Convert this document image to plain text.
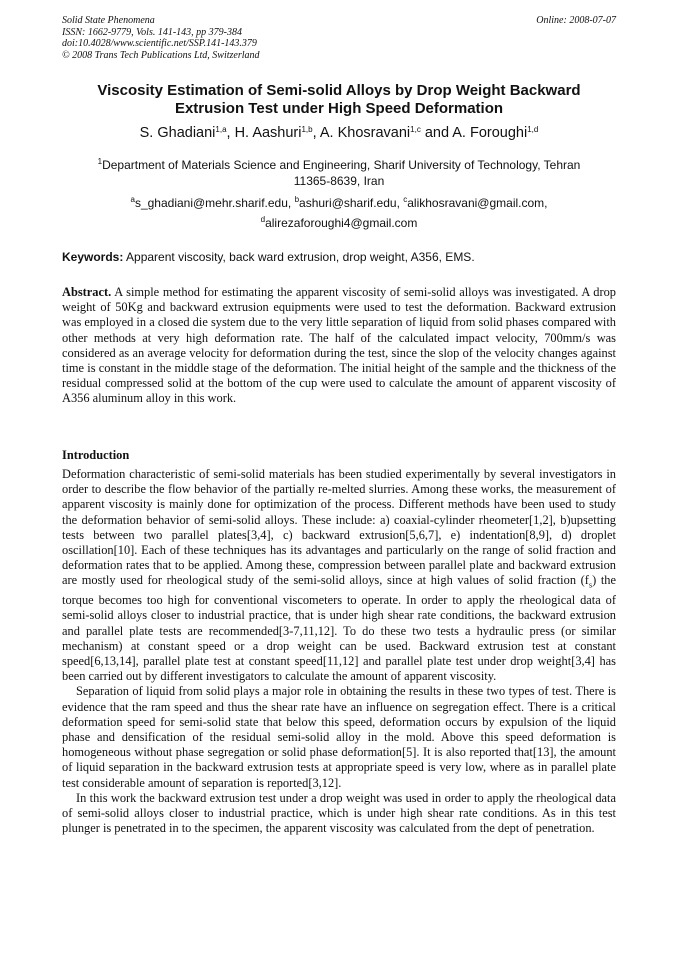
Solid State Phenomena
ISSN: 1662-9779, Vols. 141-143, pp 379-384
doi:10.4028/www.scientific.net/SSP.141-143.379
© 2008 Trans Tech Publications Ltd, Switzerland
Online: 2008-07-07
Viscosity Estimation of Semi-solid Alloys by Drop Weight Backward
Extrusion Test under High Speed Deformation
S. Ghadiani$^{1,a}$, H. Aashuri$^{1,b}$, A. Khosravani$^{1,c}$ and A. Foroughi$^{1,d}$
$^1$Department of Materials Science and Engineering, Sharif University of Technology, Tehran
11365-8639, Iran
$^a$s_ghadiani@mehr.sharif.edu, $^b$ashuri@sharif.edu, $^c$alikhosravani@gmail.com,
$^d$alirezaforoughi4@gmail.com
Keywords: Apparent viscosity, back ward extrusion, drop weight, A356, EMS.
Abstract. A simple method for estimating the apparent viscosity of semi-solid alloys was investigated. A drop weight of 50Kg and backward extrusion equipments were used to test the deformation. Backward extrusion was employed in a closed die system due to the very little separation of liquid from solid phases compared with other methods at very high deformation rate. The half of the calculated impact velocity, 700mm/s was considered as an average velocity for deformation during the test, since the slop of the velocity changes against time is constant in the middle stage of the deformation. The initial height of the sample and the thickness of the residual compressed solid at the bottom of the cup were used to calculate the amount of apparent viscosity of A356 aluminum alloy in this work.
Introduction

Deformation characteristic of semi-solid materials has been studied experimentally by several investigators in order to describe the flow behavior of the partially re-melted slurries. Among these works, the measurement of apparent viscosity is mainly done for optimization of the process. Different methods have been used to study the deformation behavior of semi-solid alloys. These include: a) coaxial-cylinder rheometer[1,2], b)upsetting tests between two parallel plates[3,4], c) backward extrusion[5,6,7], e) indentation[8,9], d) droplet oscillation[10]. Each of these techniques has its advantages and particularly on the range of solid fraction and deformation rates that to be applied. Among these, compression between parallel plate and backward extrusion are mostly used for rheological study of the semi-solid alloys, since at high values of solid fraction $(f_s)$ the torque becomes too high for conventional viscometers to operate. In order to apply the rheological data of semi-solid alloys closer to industrial practice, that is under high shear rate conditions, the backward extrusion and parallel plate tests are recommended[3-7,11,12]. To do these two tests a hydraulic press (or similar mechanism) at constant speed or a drop weight can be used. Backward extrusion test at constant speed[6,13,14], parallel plate test at constant speed[11,12] and parallel plate test under drop weight[3,4] has been carried out by different investigators to calculate the amount of apparent viscosity.

Separation of liquid from solid plays a major role in obtaining the results in these two types of test. There is evidence that the ram speed and thus the shear rate have an influence on segregation effect. There is a critical deformation speed for semi-solid state that below this speed, deformation occurs by expulsion of the liquid phase and densification of the residual semi-solid alloy in the mold. Above this speed deformation is homogeneous without phase segregation or solid phase deformation[5]. It is also reported that[13], the amount of liquid separation in the backward extrusion tests at appropriate speed is very low, where as in parallel plate test considerable amount of separation is reported[3,12].

In this work the backward extrusion test under a drop weight was used in order to apply the rheological data of semi-solid alloys closer to industrial practice, which is under high shear rate conditions. As in this test plunger is penetrated in to the specimen, the apparent viscosity was calculated from the dept of penetration.
